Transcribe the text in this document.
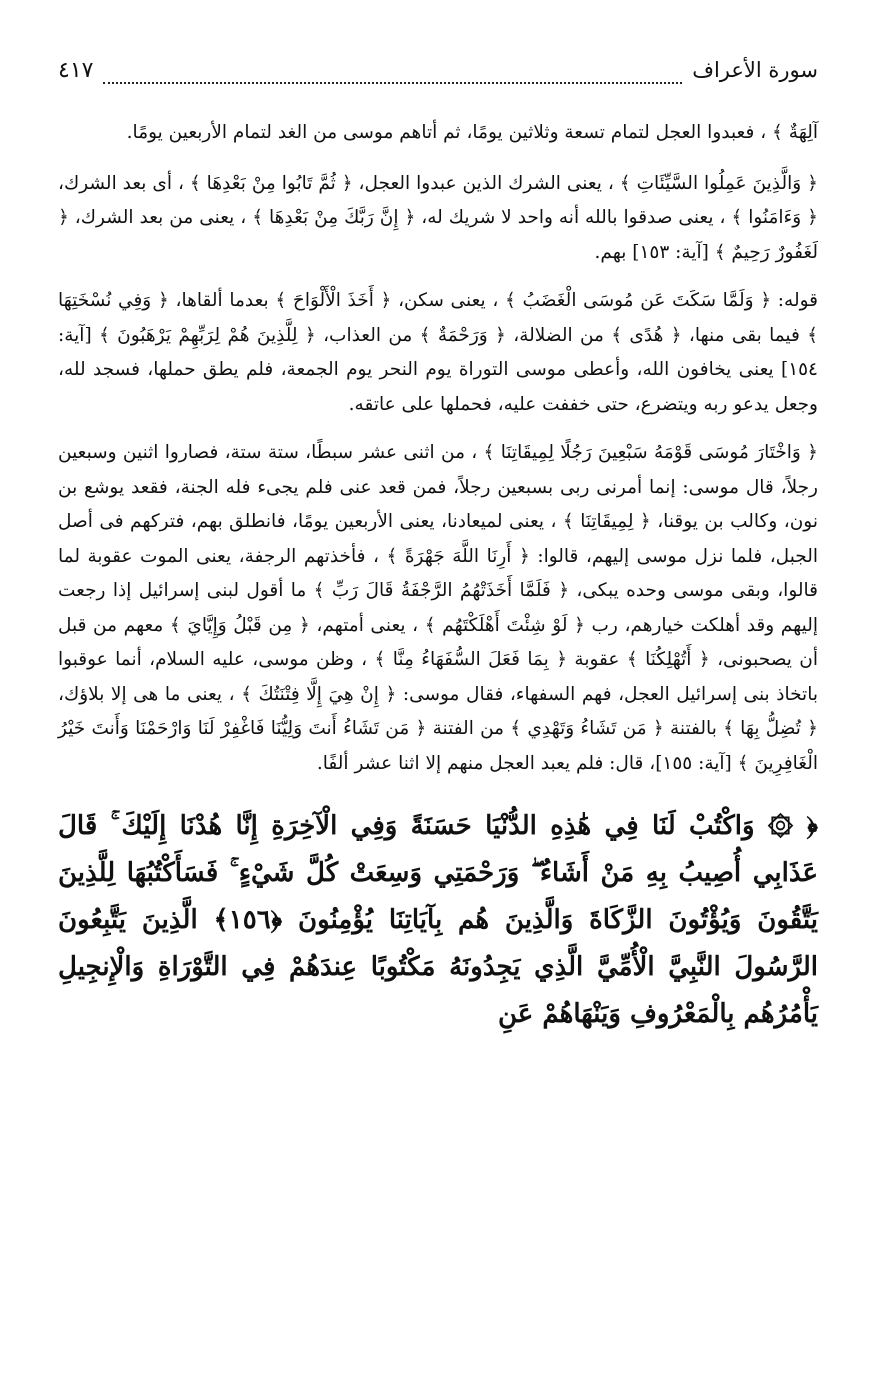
سورة الأعراف
٤١٧

آلِهَةٌ ﴾ ، فعبدوا العجل لتمام تسعة وثلاثين يومًا، ثم أتاهم موسى من الغد لتمام الأربعين يومًا.

﴿ وَالَّذِينَ عَمِلُوا السَّيِّئَاتِ ﴾ ، يعنى الشرك الذين عبدوا العجل، ﴿ ثُمَّ تَابُوا مِنْ بَعْدِهَا ﴾ ، أى بعد الشرك، ﴿ وَءَامَنُوا ﴾ ، يعنى صدقوا بالله أنه واحد لا شريك له، ﴿ إِنَّ رَبَّكَ مِنْ بَعْدِهَا ﴾ ، يعنى من بعد الشرك، ﴿ لَغَفُورٌ رَحِيمٌ ﴾ [آية: ١٥٣] بهم.

قوله: ﴿ وَلَمَّا سَكَتَ عَن مُوسَى الْغَضَبُ ﴾ ، يعنى سكن، ﴿ أَخَذَ الْأَلْوَاحَ ﴾ بعدما ألقاها، ﴿ وَفِي نُسْخَتِهَا ﴾ فيما بقى منها، ﴿ هُدًى ﴾ من الضلالة، ﴿ وَرَحْمَةٌ ﴾ من العذاب، ﴿ لِلَّذِينَ هُمْ لِرَبِّهِمْ يَرْهَبُونَ ﴾ [آية: ١٥٤] يعنى يخافون الله، وأعطى موسى التوراة يوم النحر يوم الجمعة، فلم يطق حملها، فسجد لله، وجعل يدعو ربه ويتضرع، حتى خففت عليه، فحملها على عاتقه.

﴿ وَاخْتَارَ مُوسَى قَوْمَهُ سَبْعِينَ رَجُلًا لِمِيقَاتِنَا ﴾ ، من اثنى عشر سبطًا، ستة ستة، فصاروا اثنين وسبعين رجلاً، قال موسى: إنما أمرنى ربى بسبعين رجلاً، فمن قعد عنى فلم يجىء فله الجنة، فقعد يوشع بن نون، وكالب بن يوقنا، ﴿ لِمِيقَاتِنَا ﴾ ، يعنى لميعادنا، يعنى الأربعين يومًا، فانطلق بهم، فتركهم فى أصل الجبل، فلما نزل موسى إليهم، قالوا: ﴿ أَرِنَا اللَّهَ جَهْرَةً ﴾ ، فأخذتهم الرجفة، يعنى الموت عقوبة لما قالوا، وبقى موسى وحده يبكى، ﴿ فَلَمَّا أَخَذَتْهُمُ الرَّجْفَةُ قَالَ رَبِّ ﴾ ما أقول لبنى إسرائيل إذا رجعت إليهم وقد أهلكت خيارهم، رب ﴿ لَوْ شِئْتَ أَهْلَكْتَهُم ﴾ ، يعنى أمتهم، ﴿ مِن قَبْلُ وَإِيَّايَ ﴾ معهم من قبل أن يصحبونى، ﴿ أَتُهْلِكُنَا ﴾ عقوبة ﴿ بِمَا فَعَلَ السُّفَهَاءُ مِنَّا ﴾ ، وظن موسى، عليه السلام، أنما عوقبوا باتخاذ بنى إسرائيل العجل، فهم السفهاء، فقال موسى: ﴿ إِنْ هِيَ إِلَّا فِتْنَتُكَ ﴾ ، يعنى ما هى إلا بلاؤك، ﴿ تُضِلُّ بِهَا ﴾ بالفتنة ﴿ مَن تَشَاءُ وَتَهْدِي ﴾ من الفتنة ﴿ مَن تَشَاءُ أَنتَ وَلِيُّنَا فَاغْفِرْ لَنَا وَارْحَمْنَا وَأَنتَ خَيْرُ الْغَافِرِينَ ﴾ [آية: ١٥٥]، قال: فلم يعبد العجل منهم إلا اثنا عشر ألفًا.

﴿ ۞ وَاكْتُبْ لَنَا فِي هَٰذِهِ الدُّنْيَا حَسَنَةً وَفِي الْآخِرَةِ إِنَّا هُدْنَا إِلَيْكَ ۚ قَالَ عَذَابِي أُصِيبُ بِهِ مَنْ أَشَاءُ ۖ وَرَحْمَتِي وَسِعَتْ كُلَّ شَيْءٍ ۚ فَسَأَكْتُبُهَا لِلَّذِينَ يَتَّقُونَ وَيُؤْتُونَ الزَّكَاةَ وَالَّذِينَ هُم بِآيَاتِنَا يُؤْمِنُونَ ﴿١٥٦﴾ الَّذِينَ يَتَّبِعُونَ الرَّسُولَ النَّبِيَّ الْأُمِّيَّ الَّذِي يَجِدُونَهُ مَكْتُوبًا عِندَهُمْ فِي التَّوْرَاةِ وَالْإِنجِيلِ يَأْمُرُهُم بِالْمَعْرُوفِ وَيَنْهَاهُمْ عَنِ
